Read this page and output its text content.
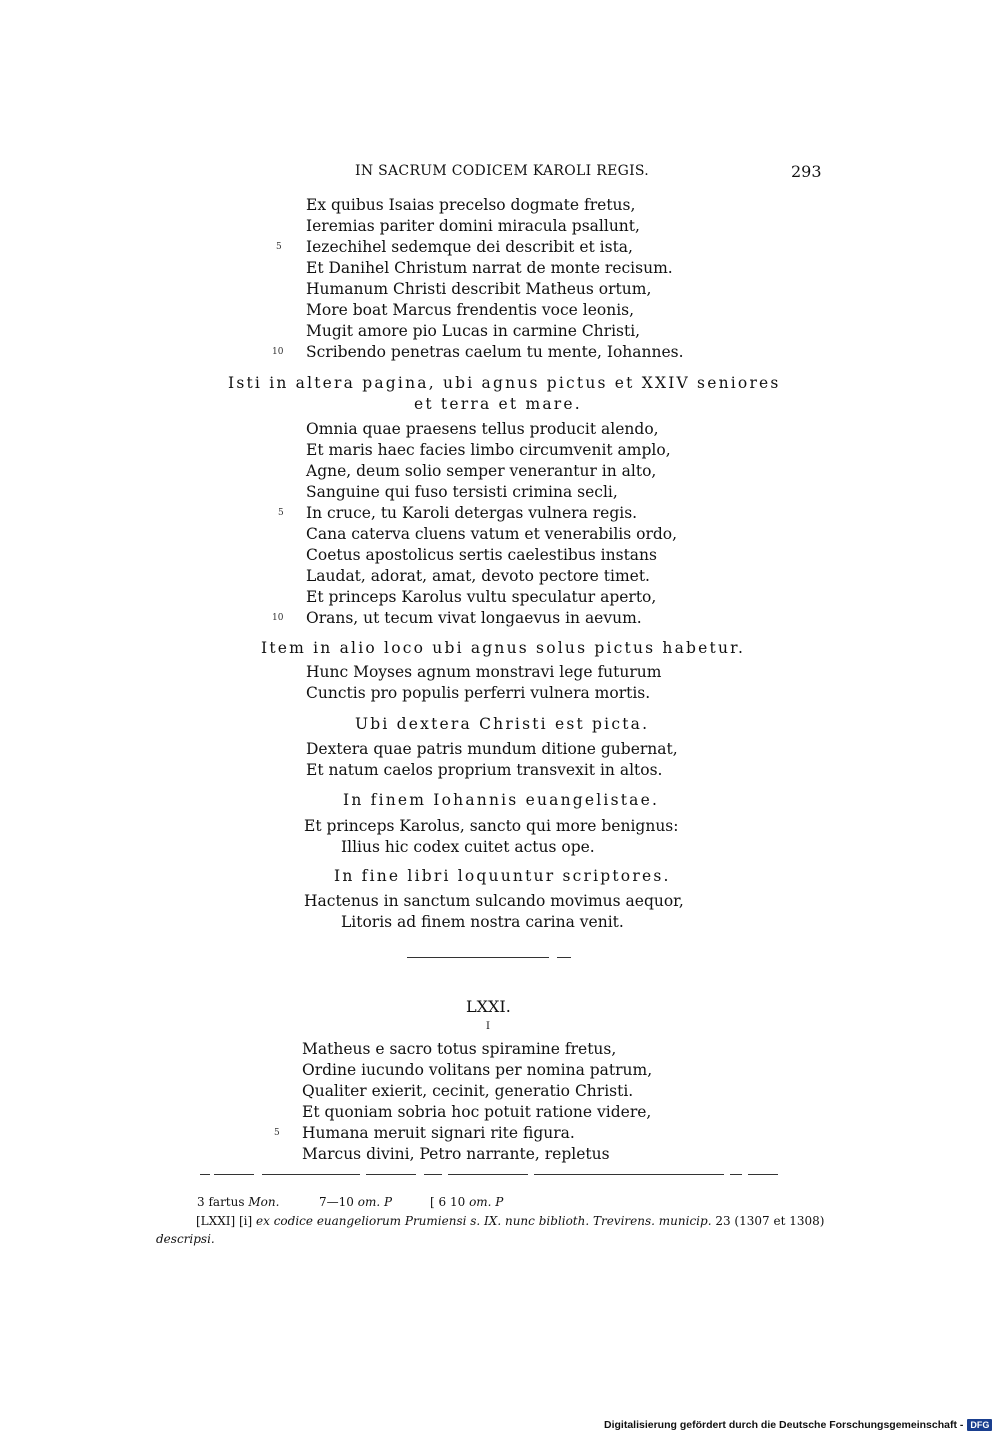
IN SACRUM CODICEM KAROLI REGIS.	293
Ex quibus Isaias precelso dogmate fretus,
Ieremias pariter domini miracula psallunt,
5 Iezechihel sedemque dei describit et ista,
Et Danihel Christum narrat de monte recisum.
Humanum Christi describit Matheus ortum,
More boat Marcus frendentis voce leonis,
Mugit amore pio Lucas in carmine Christi,
10 Scribendo penetras caelum tu mente, Iohannes.
Isti in altera pagina, ubi agnus pictus et XXIV seniores
et terra et mare.
Omnia quae praesens tellus producit alendo,
Et maris haec facies limbo circumvenit amplo,
Agne, deum solio semper venerantur in alto,
Sanguine qui fuso tersisti crimina secli,
5 In cruce, tu Karoli detergas vulnera regis.
Cana caterva cluens vatum et venerabilis ordo,
Coetus apostolicus sertis caelestibus instans
Laudat, adorat, amat, devoto pectore timet.
Et princeps Karolus vultu speculatur aperto,
10 Orans, ut tecum vivat longaevus in aevum.
Item in alio loco ubi agnus solus pictus habetur.
Hunc Moyses agnum monstravi lege futurum
Cunctis pro populis perferri vulnera mortis.
Ubi dextera Christi est picta.
Dextera quae patris mundum ditione gubernat,
Et natum caelos proprium transvexit in altos.
In finem Iohannis euangelistae.
Et princeps Karolus, sancto qui more benignus:
Illius hic codex cuitet actus ope.
In fine libri loquuntur scriptores.
Hactenus in sanctum sulcando movimus aequor,
Litoris ad finem nostra carina venit.
LXXI.
I
Matheus e sacro totus spiramine fretus,
Ordine iucundo volitans per nomina patrum,
Qualiter exierit, cecinit, generatio Christi.
Et quoniam sobria hoc potuit ratione videre,
5 Humana meruit signari rite figura.
Marcus divini, Petro narrante, repletus
3 fartus Mon.	7—10 om. P	[ 6 10 om. P
[LXXI] [i] ex codice euangeliorum Prumiensi s. IX. nunc biblioth. Trevirens. municip. 23 (1307 et 1308)
descripsi.
Digitalisierung gefördert durch die Deutsche Forschungsgemeinschaft - DFG
